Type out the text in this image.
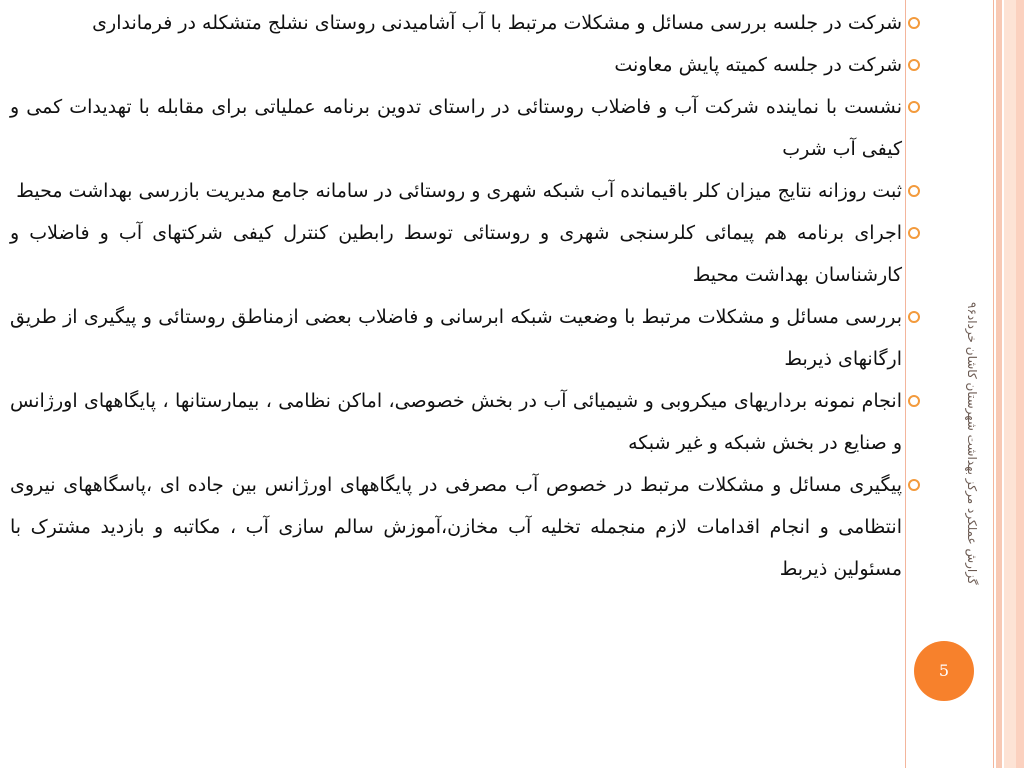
گزارش عملکرد مرکز بهداشت شهرستان کاشان خرداد۹۶
شرکت در جلسه بررسی مسائل و مشکلات مرتبط با آب آشامیدنی روستای نشلج متشکله در فرمانداری
شرکت در جلسه کمیته پایش معاونت
نشست با نماینده شرکت آب و فاضلاب روستائی در راستای تدوین برنامه عملیاتی برای مقابله با تهدیدات کمی و کیفی آب شرب
ثبت روزانه نتایج میزان کلر باقیمانده آب شبکه شهری و روستائی در سامانه جامع مدیریت بازرسی بهداشت محیط
اجرای برنامه هم پیمائی کلرسنجی شهری و روستائی توسط رابطین کنترل کیفی شرکتهای آب و فاضلاب و کارشناسان بهداشت محیط
بررسی مسائل و مشکلات مرتبط با وضعیت شبکه ابرسانی و فاضلاب بعضی ازمناطق روستائی و پیگیری از طریق ارگانهای ذیربط
انجام نمونه برداریهای میکروبی و شیمیائی آب در بخش خصوصی، اماکن نظامی ، بیمارستانها ، پایگاههای اورژانس و صنایع در بخش شبکه و غیر شبکه
پیگیری مسائل و مشکلات مرتبط در خصوص آب مصرفی در پایگاههای اورژانس بین جاده ای ،پاسگاههای نیروی انتظامی و انجام اقدامات لازم منجمله تخلیه آب مخازن،آموزش سالم سازی آب ، مکاتبه و بازدید مشترک با مسئولین ذیربط
5
